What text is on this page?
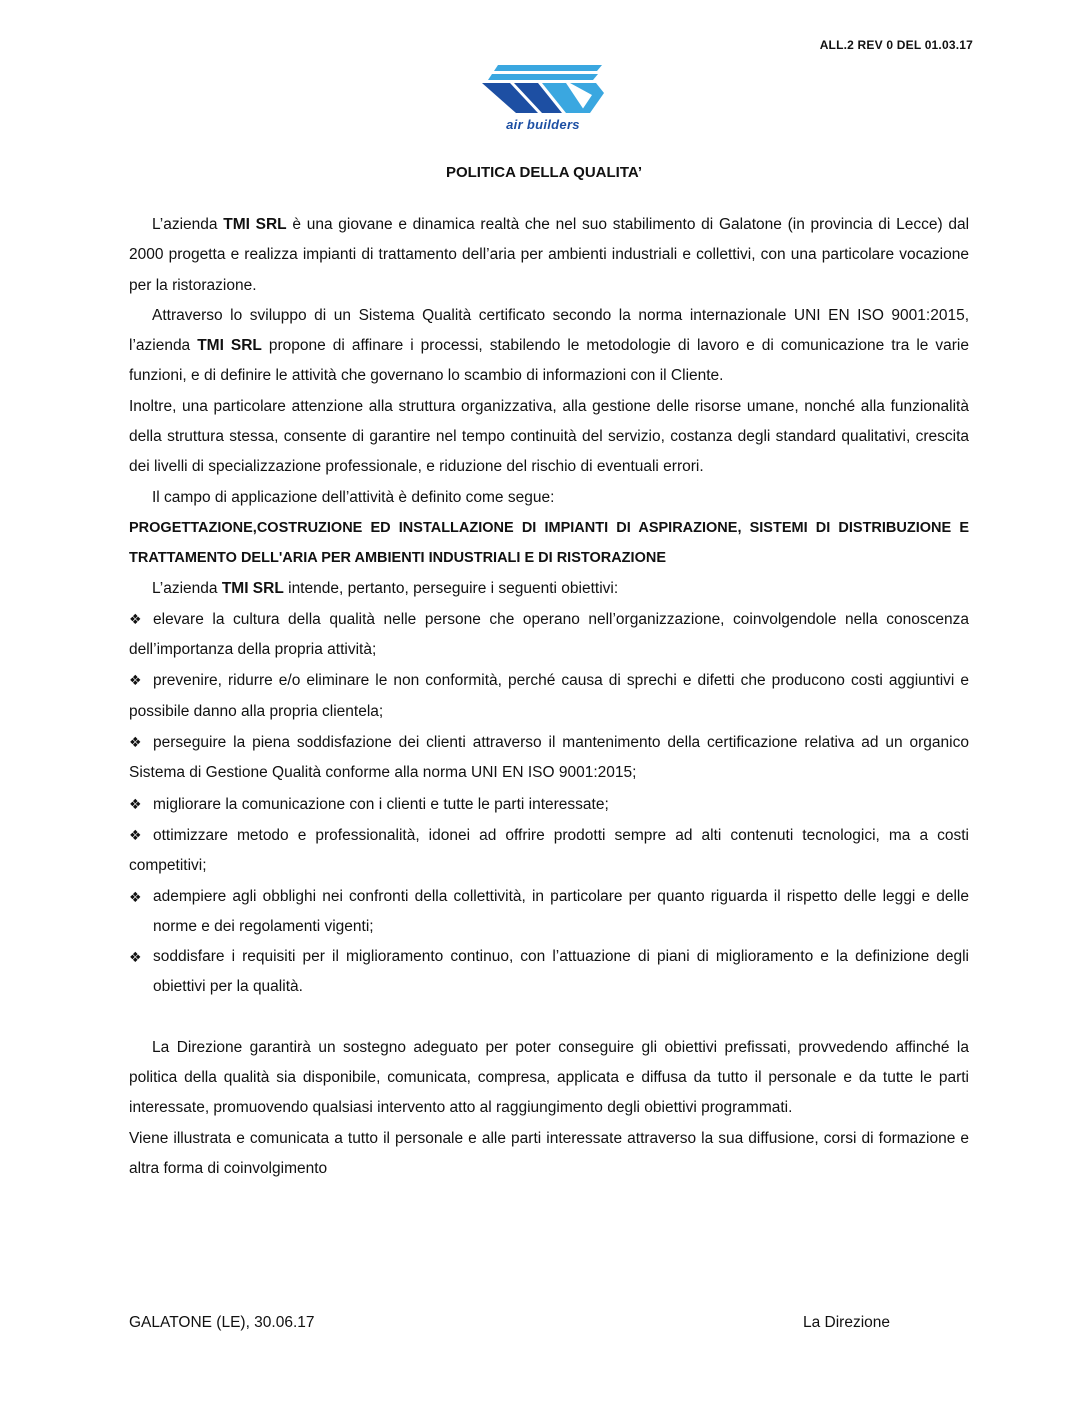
ALL.2 REV 0 DEL 01.03.17
air builders
POLITICA DELLA QUALITA’

L’azienda TMI SRL è una giovane e dinamica realtà che nel suo stabilimento di Galatone (in provincia di Lecce) dal 2000 progetta e realizza impianti di trattamento dell’aria per ambienti industriali e collettivi, con una particolare vocazione per la ristorazione.

Attraverso lo sviluppo di un Sistema Qualità certificato secondo la norma internazionale UNI EN ISO 9001:2015, l’azienda TMI SRL propone di affinare i processi, stabilendo le metodologie di lavoro e di comunicazione tra le varie funzioni, e di definire le attività che governano lo scambio di informazioni con il Cliente.

Inoltre, una particolare attenzione alla struttura organizzativa, alla gestione delle risorse umane, nonché alla funzionalità della struttura stessa, consente di garantire nel tempo continuità del servizio, costanza degli standard qualitativi, crescita dei livelli di specializzazione professionale, e riduzione del rischio di eventuali errori.

Il campo di applicazione dell’attività è definito come segue:

PROGETTAZIONE,COSTRUZIONE ED INSTALLAZIONE DI IMPIANTI DI ASPIRAZIONE, SISTEMI DI DISTRIBUZIONE E TRATTAMENTO DELL'ARIA PER AMBIENTI INDUSTRIALI E DI RISTORAZIONE

L’azienda TMI SRL intende, pertanto, perseguire i seguenti obiettivi:

❖ elevare la cultura della qualità nelle persone che operano nell’organizzazione, coinvolgendole nella conoscenza dell’importanza della propria attività;

❖ prevenire, ridurre e/o eliminare le non conformità, perché causa di sprechi e difetti che producono costi aggiuntivi e possibile danno alla propria clientela;

❖ perseguire la piena soddisfazione dei clienti attraverso il mantenimento della certificazione relativa ad un organico Sistema di Gestione Qualità conforme alla norma UNI EN ISO 9001:2015;

❖ migliorare la comunicazione con i clienti e tutte le parti interessate;

❖ ottimizzare metodo e professionalità, idonei ad offrire prodotti sempre ad alti contenuti tecnologici, ma a costi competitivi;

❖ adempiere agli obblighi nei confronti della collettività, in particolare per quanto riguarda il rispetto delle leggi e delle norme e dei regolamenti vigenti;

❖ soddisfare i requisiti per il miglioramento continuo, con l’attuazione di piani di miglioramento e la definizione degli obiettivi per la qualità.

La Direzione garantirà un sostegno adeguato per poter conseguire gli obiettivi prefissati, provvedendo affinché la politica della qualità sia disponibile, comunicata, compresa, applicata e diffusa da tutto il personale e da tutte le parti interessate, promuovendo qualsiasi intervento atto al raggiungimento degli obiettivi programmati.

Viene illustrata e comunicata a tutto il personale e alle parti interessate attraverso la sua diffusione, corsi di formazione e altra forma di coinvolgimento

GALATONE (LE), 30.06.17	La Direzione
